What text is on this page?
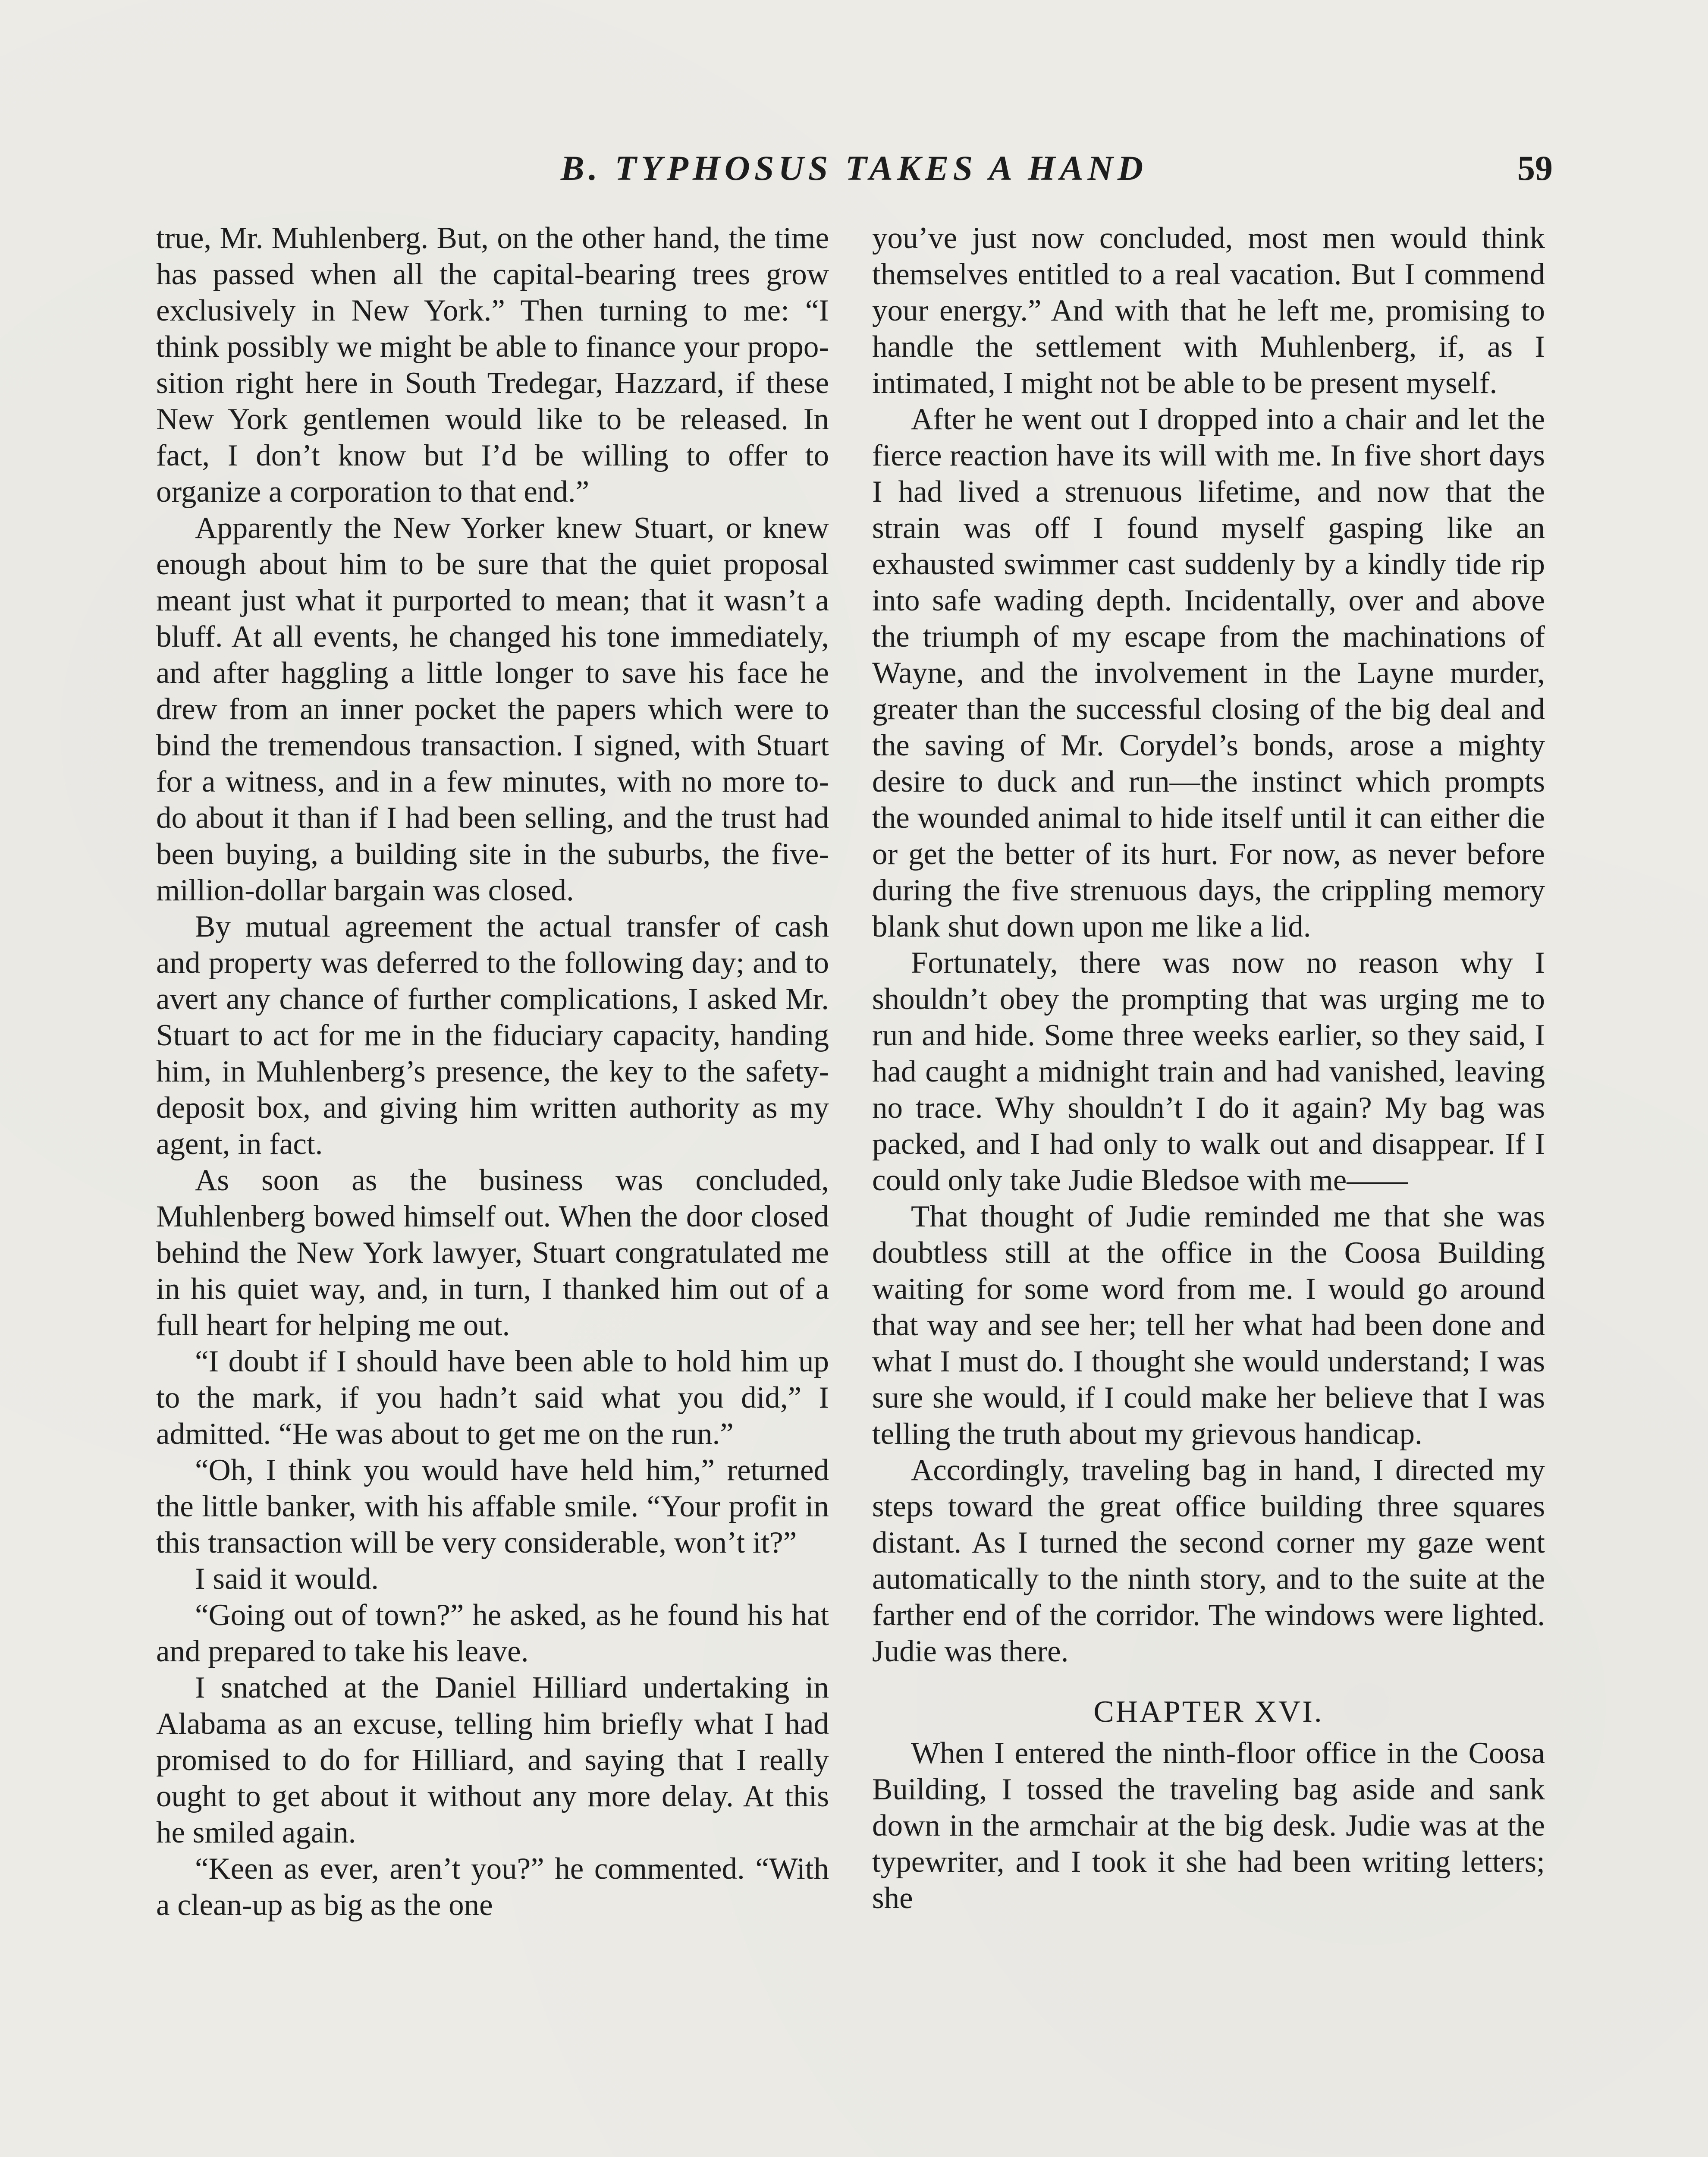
B. TYPHOSUS TAKES A HAND	59

true, Mr. Muhlenberg. But, on the other hand, the time has passed when all the capital-bearing trees grow exclusively in New York.” Then turning to me: “I think possibly we might be able to finance your proposition right here in South Tredegar, Hazzard, if these New York gentlemen would like to be released. In fact, I don’t know but I’d be willing to offer to organize a corporation to that end.”

Apparently the New Yorker knew Stuart, or knew enough about him to be sure that the quiet proposal meant just what it purported to mean; that it wasn’t a bluff. At all events, he changed his tone immediately, and after haggling a little longer to save his face he drew from an inner pocket the papers which were to bind the tremendous transaction. I signed, with Stuart for a witness, and in a few minutes, with no more to-do about it than if I had been selling, and the trust had been buying, a building site in the suburbs, the five-million-dollar bargain was closed.

By mutual agreement the actual transfer of cash and property was deferred to the following day; and to avert any chance of further complications, I asked Mr. Stuart to act for me in the fiduciary capacity, handing him, in Muhlenberg’s presence, the key to the safety-deposit box, and giving him written authority as my agent, in fact.

As soon as the business was concluded, Muhlenberg bowed himself out. When the door closed behind the New York lawyer, Stuart congratulated me in his quiet way, and, in turn, I thanked him out of a full heart for helping me out.

“I doubt if I should have been able to hold him up to the mark, if you hadn’t said what you did,” I admitted. “He was about to get me on the run.”

“Oh, I think you would have held him,” returned the little banker, with his affable smile. “Your profit in this transaction will be very considerable, won’t it?”

I said it would.

“Going out of town?” he asked, as he found his hat and prepared to take his leave.

I snatched at the Daniel Hilliard undertaking in Alabama as an excuse, telling him briefly what I had promised to do for Hilliard, and saying that I really ought to get about it without any more delay. At this he smiled again.

“Keen as ever, aren’t you?” he commented. “With a clean-up as big as the one

you’ve just now concluded, most men would think themselves entitled to a real vacation. But I commend your energy.” And with that he left me, promising to handle the settlement with Muhlenberg, if, as I intimated, I might not be able to be present myself.

After he went out I dropped into a chair and let the fierce reaction have its will with me. In five short days I had lived a strenuous lifetime, and now that the strain was off I found myself gasping like an exhausted swimmer cast suddenly by a kindly tide rip into safe wading depth. Incidentally, over and above the triumph of my escape from the machinations of Wayne, and the involvement in the Layne murder, greater than the successful closing of the big deal and the saving of Mr. Corydel’s bonds, arose a mighty desire to duck and run—the instinct which prompts the wounded animal to hide itself until it can either die or get the better of its hurt. For now, as never before during the five strenuous days, the crippling memory blank shut down upon me like a lid.

Fortunately, there was now no reason why I shouldn’t obey the prompting that was urging me to run and hide. Some three weeks earlier, so they said, I had caught a midnight train and had vanished, leaving no trace. Why shouldn’t I do it again? My bag was packed, and I had only to walk out and disappear. If I could only take Judie Bledsoe with me——

That thought of Judie reminded me that she was doubtless still at the office in the Coosa Building waiting for some word from me. I would go around that way and see her; tell her what had been done and what I must do. I thought she would understand; I was sure she would, if I could make her believe that I was telling the truth about my grievous handicap.

Accordingly, traveling bag in hand, I directed my steps toward the great office building three squares distant. As I turned the second corner my gaze went automatically to the ninth story, and to the suite at the farther end of the corridor. The windows were lighted. Judie was there.

CHAPTER XVI.

When I entered the ninth-floor office in the Coosa Building, I tossed the traveling bag aside and sank down in the armchair at the big desk. Judie was at the typewriter, and I took it she had been writing letters; she
